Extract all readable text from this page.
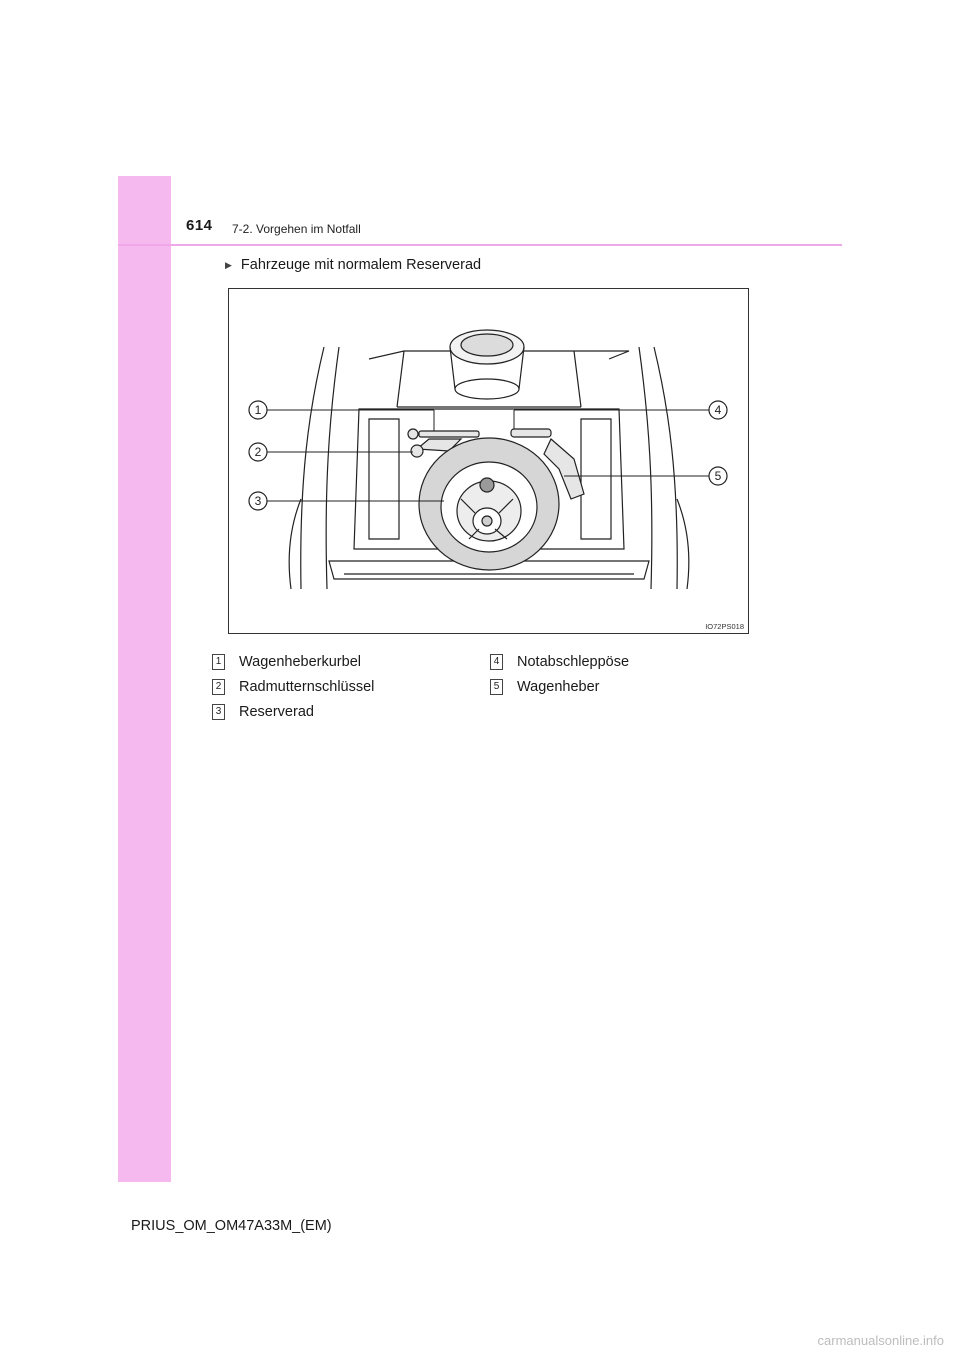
614 7-2. Vorgehen im Notfall
▶ Fahrzeuge mit normalem Reserverad
1
2
3
4
5
IO72PS018
1 Wagenheberkurbel
2 Radmutternschlüssel
3 Reserverad
4 Notabschleppöse
5 Wagenheber
PRIUS_OM_OM47A33M_(EM)
carmanualsonline.info
